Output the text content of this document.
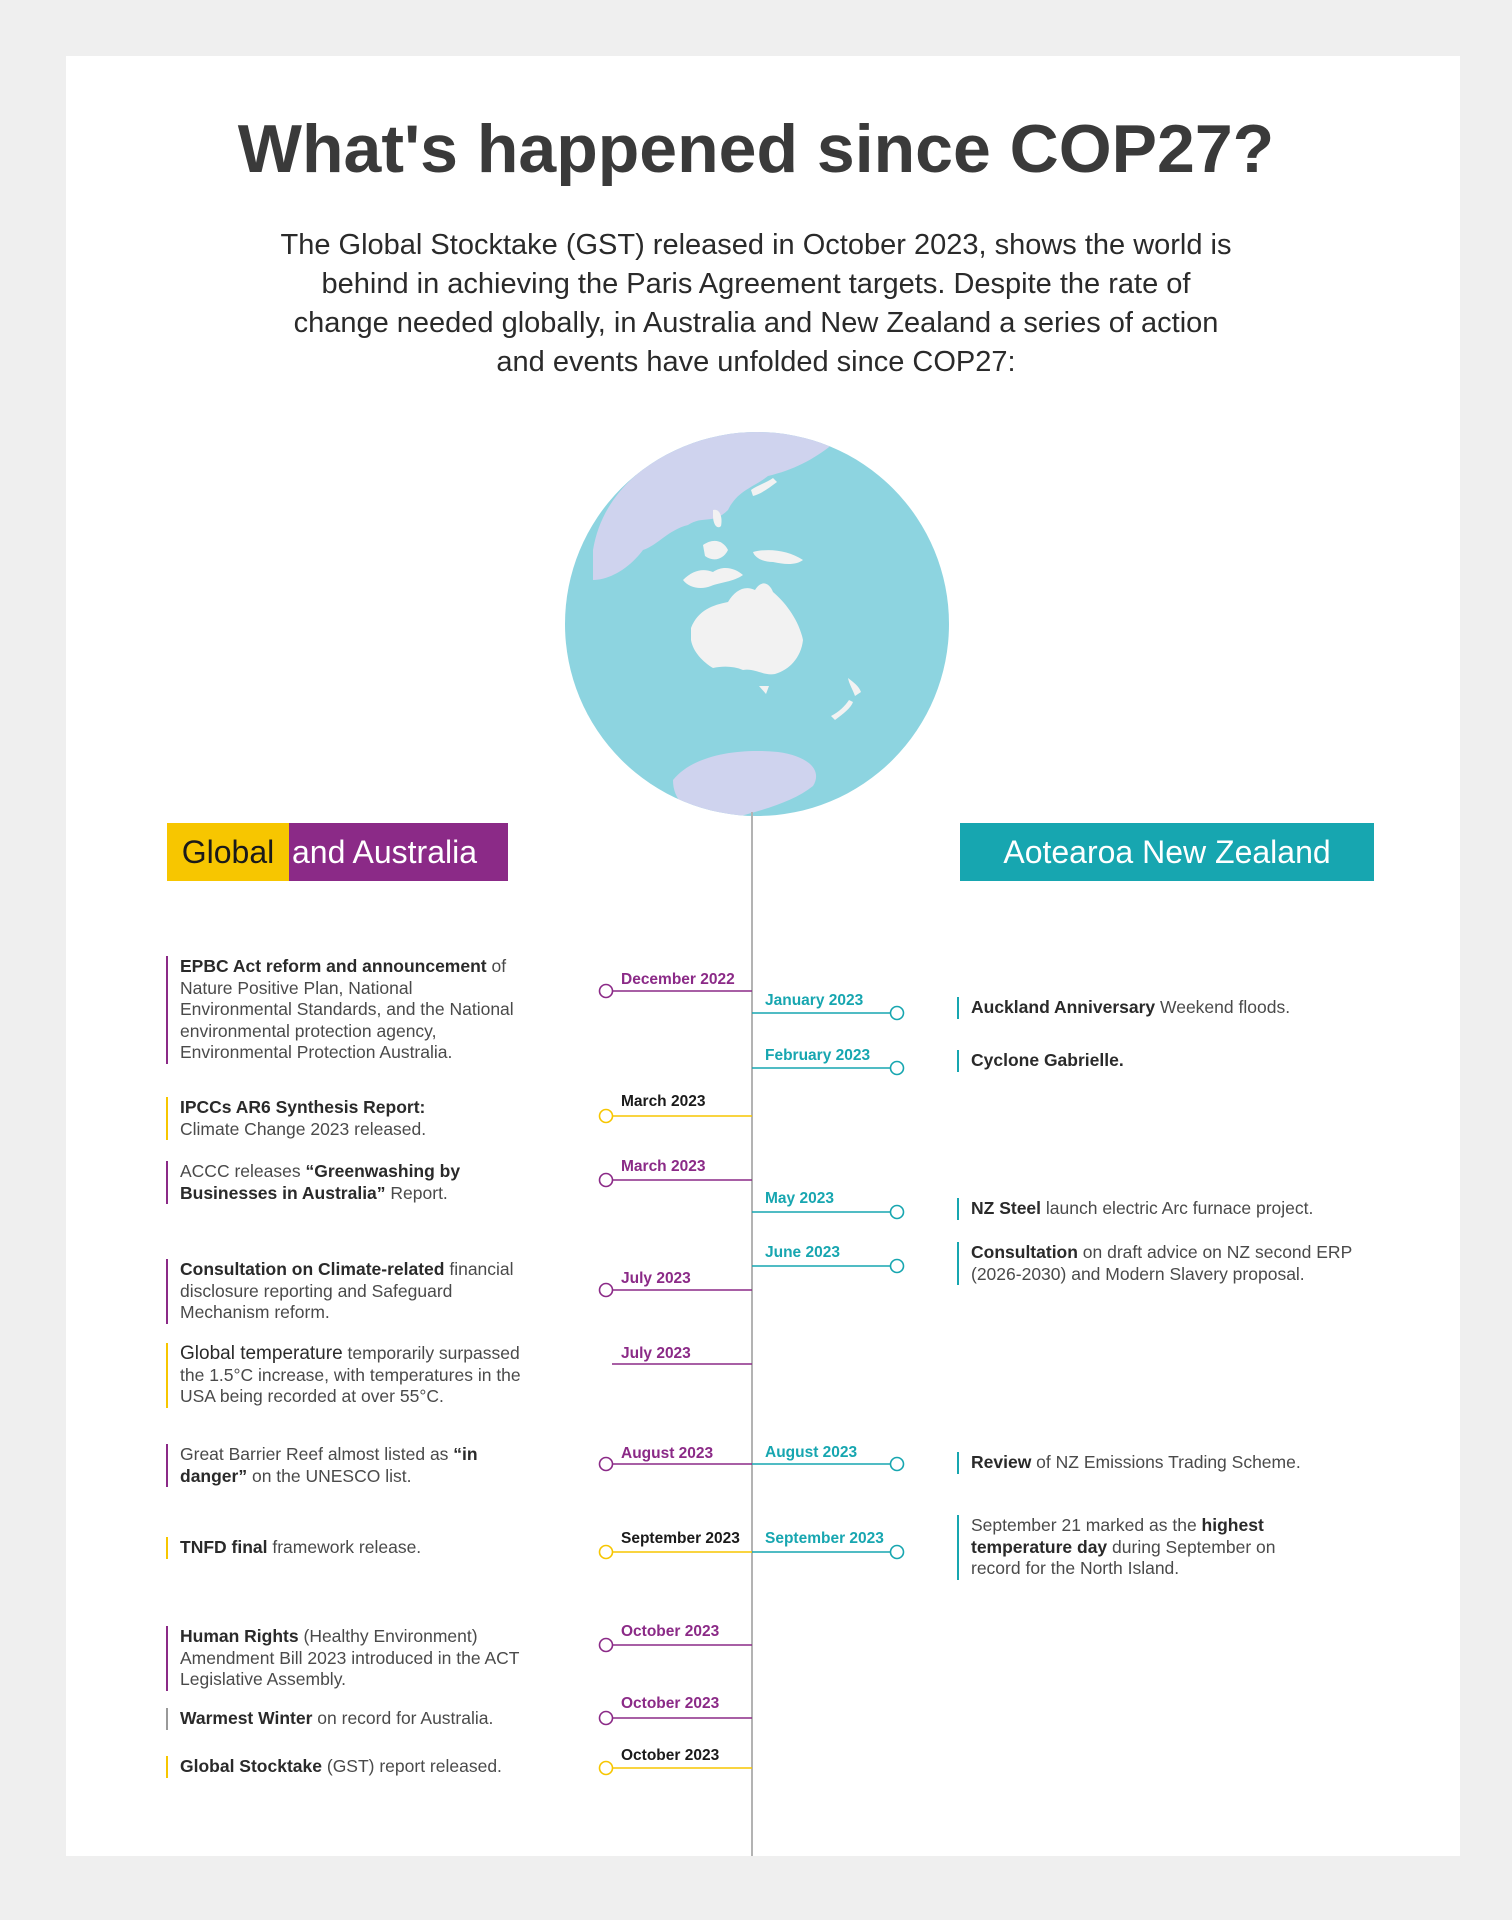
What's happened since COP27?

The Global Stocktake (GST) released in October 2023, shows the world is behind in achieving the Paris Agreement targets. Despite the rate of change needed globally, in Australia and New Zealand a series of action and events have unfolded since COP27:

Global and Australia	Aotearoa New Zealand
December 2022
March 2023
March 2023
July 2023
July 2023
August 2023
September 2023
October 2023
October 2023
October 2023
January 2023
February 2023
May 2023
June 2023
August 2023
September 2023
EPBC Act reform and announcement of Nature Positive Plan, National Environmental Standards, and the National environmental protection agency, Environmental Protection Australia.
IPCCs AR6 Synthesis Report:
Climate Change 2023 released.
ACCC releases “Greenwashing by Businesses in Australia” Report.
Consultation on Climate-related financial disclosure reporting and Safeguard Mechanism reform.
Global temperature temporarily surpassed the 1.5°C increase, with temperatures in the USA being recorded at over 55°C.
Great Barrier Reef almost listed as “in danger” on the UNESCO list.
TNFD final framework release.
Human Rights (Healthy Environment) Amendment Bill 2023 introduced in the ACT Legislative Assembly.
Warmest Winter on record for Australia.
Global Stocktake (GST) report released.
Auckland Anniversary Weekend floods.
Cyclone Gabrielle.
NZ Steel launch electric Arc furnace project.
Consultation on draft advice on NZ second ERP (2026-2030) and Modern Slavery proposal.
Review of NZ Emissions Trading Scheme.
September 21 marked as the highest temperature day during September on record for the North Island.
